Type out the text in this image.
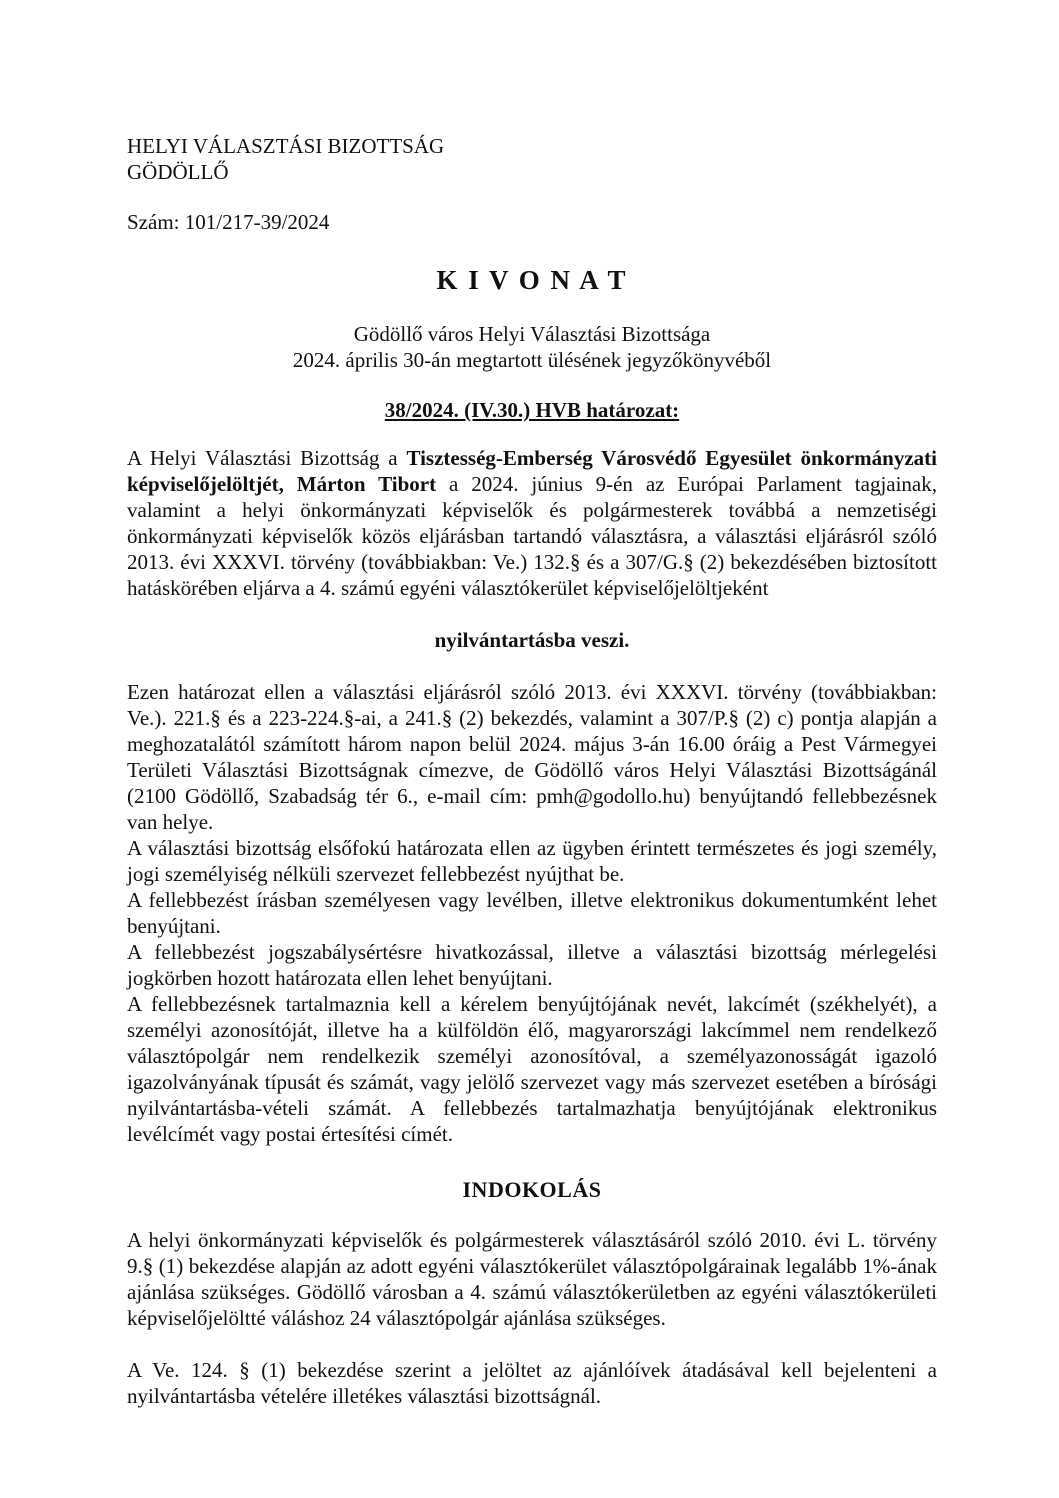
HELYI VÁLASZTÁSI BIZOTTSÁG

GÖDÖLLŐ

Szám: 101/217-39/2024

K I V O N A T

Gödöllő város Helyi Választási Bizottsága

2024. április 30-án megtartott ülésének jegyzőkönyvéből

38/2024. (IV.30.) HVB határozat:

A Helyi Választási Bizottság a Tisztesség-Emberség Városvédő Egyesület önkormányzati képviselőjelöltjét, Márton Tibort a 2024. június 9-én az Európai Parlament tagjainak, valamint a helyi önkormányzati képviselők és polgármesterek továbbá a nemzetiségi önkormányzati képviselők közös eljárásban tartandó választásra, a választási eljárásról szóló 2013. évi XXXVI. törvény (továbbiakban: Ve.) 132.§ és a 307/G.§ (2) bekezdésében biztosított hatáskörében eljárva a 4. számú egyéni választókerület képviselőjelöltjeként

nyilvántartásba veszi.

Ezen határozat ellen a választási eljárásról szóló 2013. évi XXXVI. törvény (továbbiakban: Ve.). 221.§ és a 223-224.§-ai, a 241.§ (2) bekezdés, valamint a 307/P.§ (2) c) pontja alapján a meghozatalától számított három napon belül 2024. május 3-án 16.00 óráig a Pest Vármegyei Területi Választási Bizottságnak címezve, de Gödöllő város Helyi Választási Bizottságánál (2100 Gödöllő, Szabadság tér 6., e-mail cím: pmh@godollo.hu) benyújtandó fellebbezésnek van helye.

A választási bizottság elsőfokú határozata ellen az ügyben érintett természetes és jogi személy, jogi személyiség nélküli szervezet fellebbezést nyújthat be.

A fellebbezést írásban személyesen vagy levélben, illetve elektronikus dokumentumként lehet benyújtani.

A fellebbezést jogszabálysértésre hivatkozással, illetve a választási bizottság mérlegelési jogkörben hozott határozata ellen lehet benyújtani.

A fellebbezésnek tartalmaznia kell a kérelem benyújtójának nevét, lakcímét (székhelyét), a személyi azonosítóját, illetve ha a külföldön élő, magyarországi lakcímmel nem rendelkező választópolgár nem rendelkezik személyi azonosítóval, a személyazonosságát igazoló igazolványának típusát és számát, vagy jelölő szervezet vagy más szervezet esetében a bírósági nyilvántartásba-vételi számát. A fellebbezés tartalmazhatja benyújtójának elektronikus levélcímét vagy postai értesítési címét.

INDOKOLÁS

A helyi önkormányzati képviselők és polgármesterek választásáról szóló 2010. évi L. törvény 9.§ (1) bekezdése alapján az adott egyéni választókerület választópolgárainak legalább 1%-ának ajánlása szükséges. Gödöllő városban a 4. számú választókerületben az egyéni választókerületi képviselőjelöltté váláshoz 24 választópolgár ajánlása szükséges.

A Ve. 124. § (1) bekezdése szerint a jelöltet az ajánlóívek átadásával kell bejelenteni a nyilvántartásba vételére illetékes választási bizottságnál.
